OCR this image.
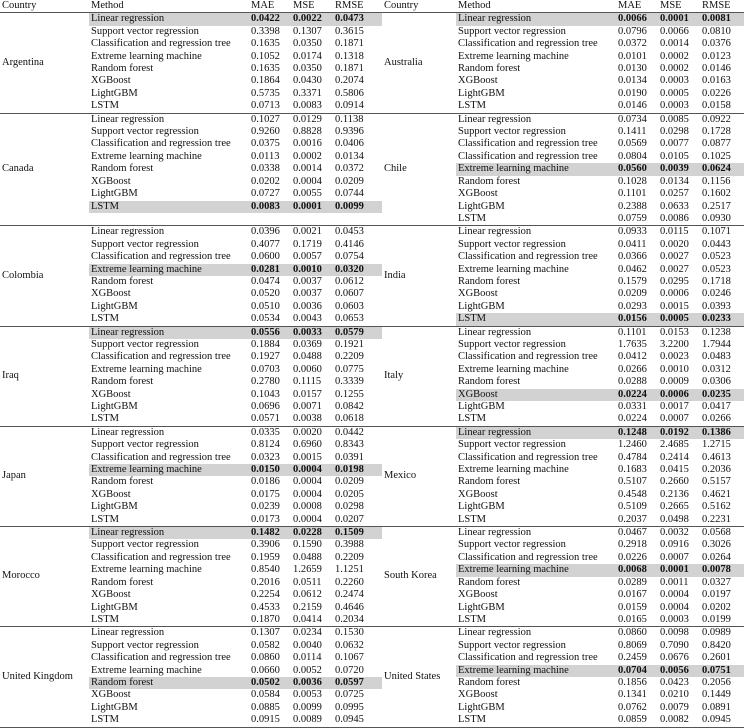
Country	Method	MAE	MSE	RMSE	Country	Method	MAE	MSE	RMSE
Argentina	Linear regression	0.0422	0.0022	0.0473	Australia	Linear regression	0.0066	0.0001	0.0081
	Support vector regression	0.3398	0.1307	0.3615		Support vector regression	0.0796	0.0066	0.0810
	Classification and regression tree	0.1635	0.0350	0.1871		Classification and regression tree	0.0372	0.0014	0.0376
	Extreme learning machine	0.1052	0.0174	0.1318		Extreme learning machine	0.0101	0.0002	0.0123
	Random forest	0.1635	0.0350	0.1871		Random forest	0.0130	0.0002	0.0146
	XGBoost	0.1864	0.0430	0.2074		XGBoost	0.0134	0.0003	0.0163
	LightGBM	0.5735	0.3371	0.5806		LightGBM	0.0190	0.0005	0.0226
	LSTM	0.0713	0.0083	0.0914		LSTM	0.0146	0.0003	0.0158
Canada	Linear regression	0.1027	0.0129	0.1138	Chile	Linear regression	0.0734	0.0085	0.0922
	Support vector regression	0.9260	0.8828	0.9396		Support vector regression	0.1411	0.0298	0.1728
	Classification and regression tree	0.0375	0.0016	0.0406		Classification and regression tree	0.0569	0.0077	0.0877
	Extreme learning machine	0.0113	0.0002	0.0134		Classification and regression tree	0.0804	0.0105	0.1025
	Random forest	0.0338	0.0014	0.0372		Extreme learning machine	0.0560	0.0039	0.0624
	XGBoost	0.0202	0.0004	0.0209		Random forest	0.1028	0.0134	0.1156
	LightGBM	0.0727	0.0055	0.0744		XGBoost	0.1101	0.0257	0.1602
	LSTM	0.0083	0.0001	0.0099		LightGBM	0.2388	0.0633	0.2517
						LSTM	0.0759	0.0086	0.0930
Colombia	Linear regression	0.0396	0.0021	0.0453	India	Linear regression	0.0933	0.0115	0.1071
	Support vector regression	0.4077	0.1719	0.4146		Support vector regression	0.0411	0.0020	0.0443
	Classification and regression tree	0.0600	0.0057	0.0754		Classification and regression tree	0.0366	0.0027	0.0523
	Extreme learning machine	0.0281	0.0010	0.0320		Extreme learning machine	0.0462	0.0027	0.0523
	Random forest	0.0474	0.0037	0.0612		Random forest	0.1579	0.0295	0.1718
	XGBoost	0.0520	0.0037	0.0607		XGBoost	0.0209	0.0006	0.0246
	LightGBM	0.0510	0.0036	0.0603		LightGBM	0.0293	0.0015	0.0393
	LSTM	0.0534	0.0043	0.0653		LSTM	0.0156	0.0005	0.0233
Iraq	Linear regression	0.0556	0.0033	0.0579	Italy	Linear regression	0.1101	0.0153	0.1238
	Support vector regression	0.1884	0.0369	0.1921		Support vector regression	1.7635	3.2200	1.7944
	Classification and regression tree	0.1927	0.0488	0.2209		Classification and regression tree	0.0412	0.0023	0.0483
	Extreme learning machine	0.0703	0.0060	0.0775		Extreme learning machine	0.0266	0.0010	0.0312
	Random forest	0.2780	0.1115	0.3339		Random forest	0.0288	0.0009	0.0306
	XGBoost	0.1043	0.0157	0.1255		XGBoost	0.0224	0.0006	0.0235
	LightGBM	0.0696	0.0071	0.0842		LightGBM	0.0331	0.0017	0.0417
	LSTM	0.0571	0.0038	0.0618		LSTM	0.0224	0.0007	0.0266
Japan	Linear regression	0.0335	0.0020	0.0442	Mexico	Linear regression	0.1248	0.0192	0.1386
	Support vector regression	0.8124	0.6960	0.8343		Support vector regression	1.2460	2.4685	1.2715
	Classification and regression tree	0.0323	0.0015	0.0391		Classification and regression tree	0.4784	0.2414	0.4613
	Extreme learning machine	0.0150	0.0004	0.0198		Extreme learning machine	0.1683	0.0415	0.2036
	Random forest	0.0186	0.0004	0.0209		Random forest	0.5107	0.2660	0.5157
	XGBoost	0.0175	0.0004	0.0205		XGBoost	0.4548	0.2136	0.4621
	LightGBM	0.0239	0.0008	0.0298		LightGBM	0.5109	0.2665	0.5162
	LSTM	0.0173	0.0004	0.0207		LSTM	0.2037	0.0498	0.2231
Morocco	Linear regression	0.1482	0.0228	0.1509	South Korea	Linear regression	0.0467	0.0032	0.0568
	Support vector regression	0.3906	0.1590	0.3988		Support vector regression	0.2918	0.0916	0.3026
	Classification and regression tree	0.1959	0.0488	0.2209		Classification and regression tree	0.0226	0.0007	0.0264
	Extreme learning machine	0.8540	1.2659	1.1251		Extreme learning machine	0.0068	0.0001	0.0078
	Random forest	0.2016	0.0511	0.2260		Random forest	0.0289	0.0011	0.0327
	XGBoost	0.2254	0.0612	0.2474		XGBoost	0.0167	0.0004	0.0197
	LightGBM	0.4533	0.2159	0.4646		LightGBM	0.0159	0.0004	0.0202
	LSTM	0.1870	0.0414	0.2034		LSTM	0.0165	0.0003	0.0199
United Kingdom	Linear regression	0.1307	0.0234	0.1530	United States	Linear regression	0.0860	0.0098	0.0989
	Support vector regression	0.0582	0.0040	0.0632		Support vector regression	0.8069	0.7090	0.8420
	Classification and regression tree	0.0860	0.0114	0.1067		Classification and regression tree	0.2459	0.0676	0.2601
	Extreme learning machine	0.0660	0.0052	0.0720		Extreme learning machine	0.0704	0.0056	0.0751
	Random forest	0.0502	0.0036	0.0597		Random forest	0.1856	0.0423	0.2056
	XGBoost	0.0584	0.0053	0.0725		XGBoost	0.1341	0.0210	0.1449
	LightGBM	0.0885	0.0099	0.0995		LightGBM	0.0762	0.0079	0.0891
	LSTM	0.0915	0.0089	0.0945		LSTM	0.0859	0.0082	0.0945
